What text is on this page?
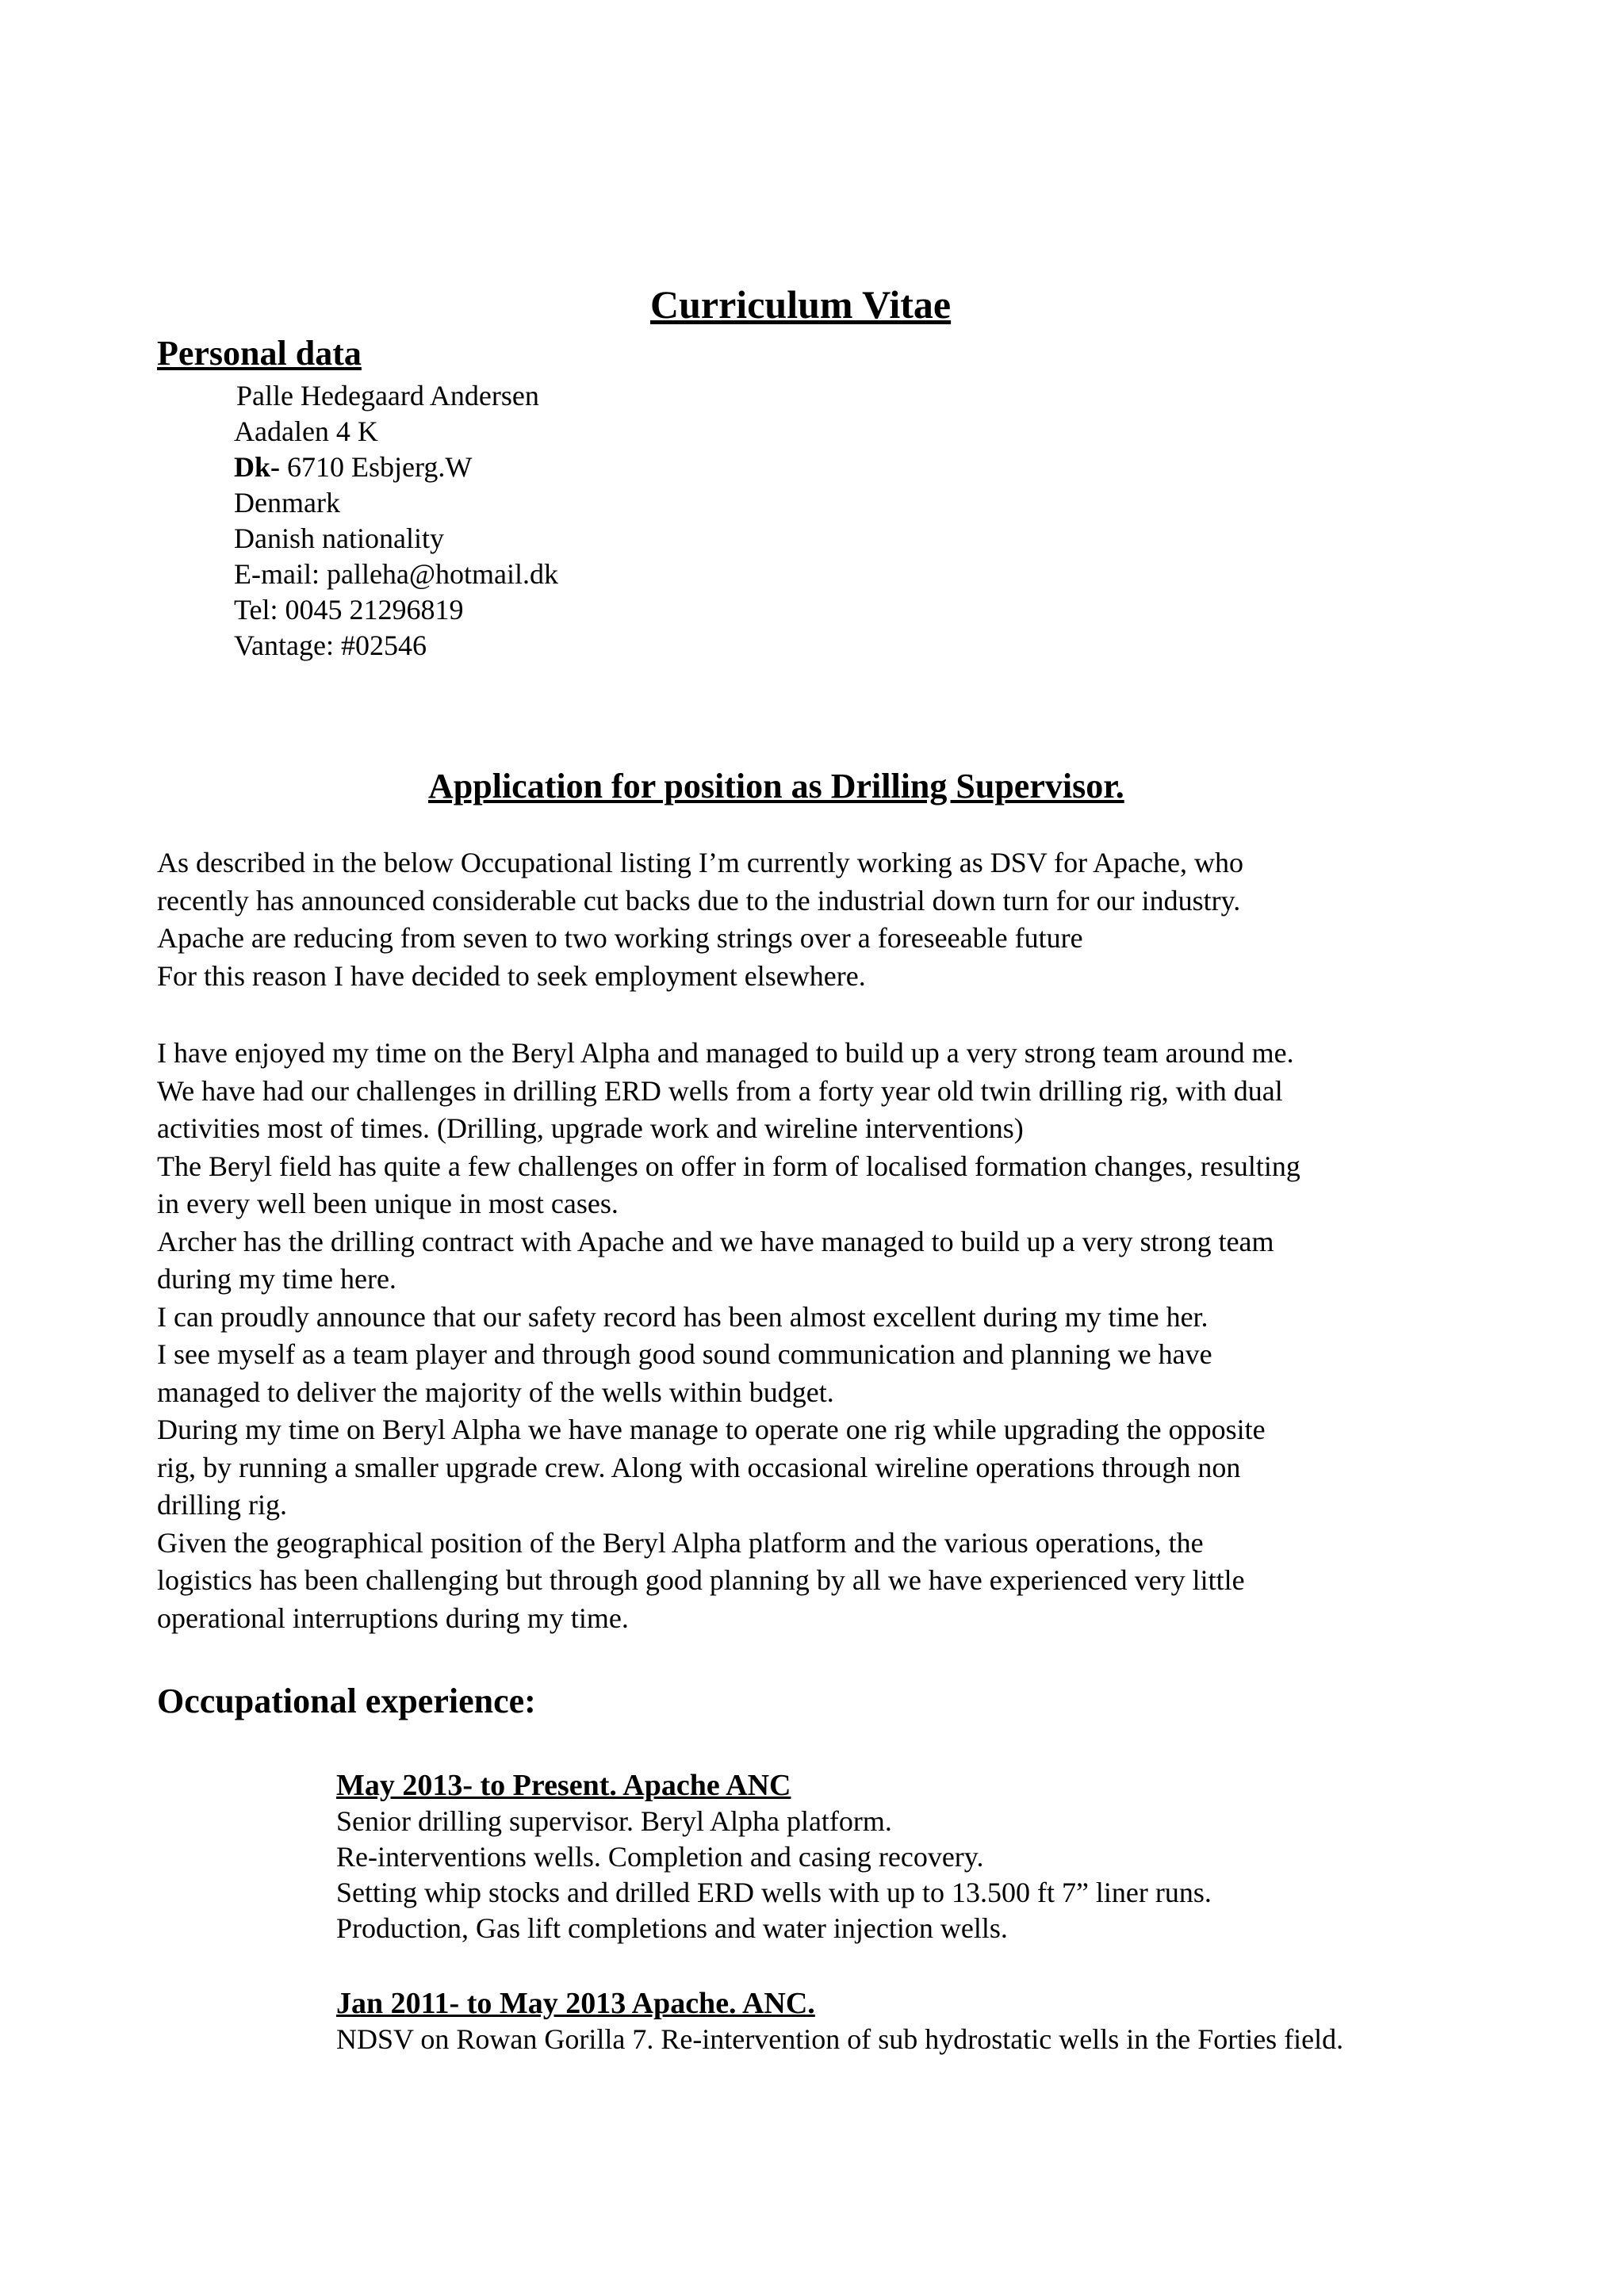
Curriculum Vitae
Personal data
Palle Hedegaard Andersen
Aadalen 4 K
Dk- 6710 Esbjerg.W
Denmark
Danish nationality
E-mail: palleha@hotmail.dk
Tel: 0045 21296819
Vantage: #02546
Application for position as Drilling Supervisor.
As described in the below Occupational listing I’m currently working as DSV for Apache, who
recently has announced considerable cut backs due to the industrial down turn for our industry.
Apache are reducing from seven to two working strings over a foreseeable future
For this reason I have decided to seek employment elsewhere.
I have enjoyed my time on the Beryl Alpha and managed to build up a very strong team around me.
We have had our challenges in drilling ERD wells from a forty year old twin drilling rig, with dual
activities most of times. (Drilling, upgrade work and wireline interventions)
The Beryl field has quite a few challenges on offer in form of localised formation changes, resulting
in every well been unique in most cases.
Archer has the drilling contract with Apache and we have managed to build up a very strong team
during my time here.
I can proudly announce that our safety record has been almost excellent during my time her.
I see myself as a team player and through good sound communication and planning we have
managed to deliver the majority of the wells within budget.
During my time on Beryl Alpha we have manage to operate one rig while upgrading the opposite
rig, by running a smaller upgrade crew. Along with occasional wireline operations through non
drilling rig.
Given the geographical position of the Beryl Alpha platform and the various operations, the
logistics has been challenging but through good planning by all we have experienced very little
operational interruptions during my time.
Occupational experience:
May 2013- to Present. Apache ANC
Senior drilling supervisor. Beryl Alpha platform.
Re-interventions wells. Completion and casing recovery.
Setting whip stocks and drilled ERD wells with up to 13.500 ft 7” liner runs.
Production, Gas lift completions and water injection wells.
Jan 2011- to May 2013 Apache. ANC.
NDSV on Rowan Gorilla 7. Re-intervention of sub hydrostatic wells in the Forties field.
